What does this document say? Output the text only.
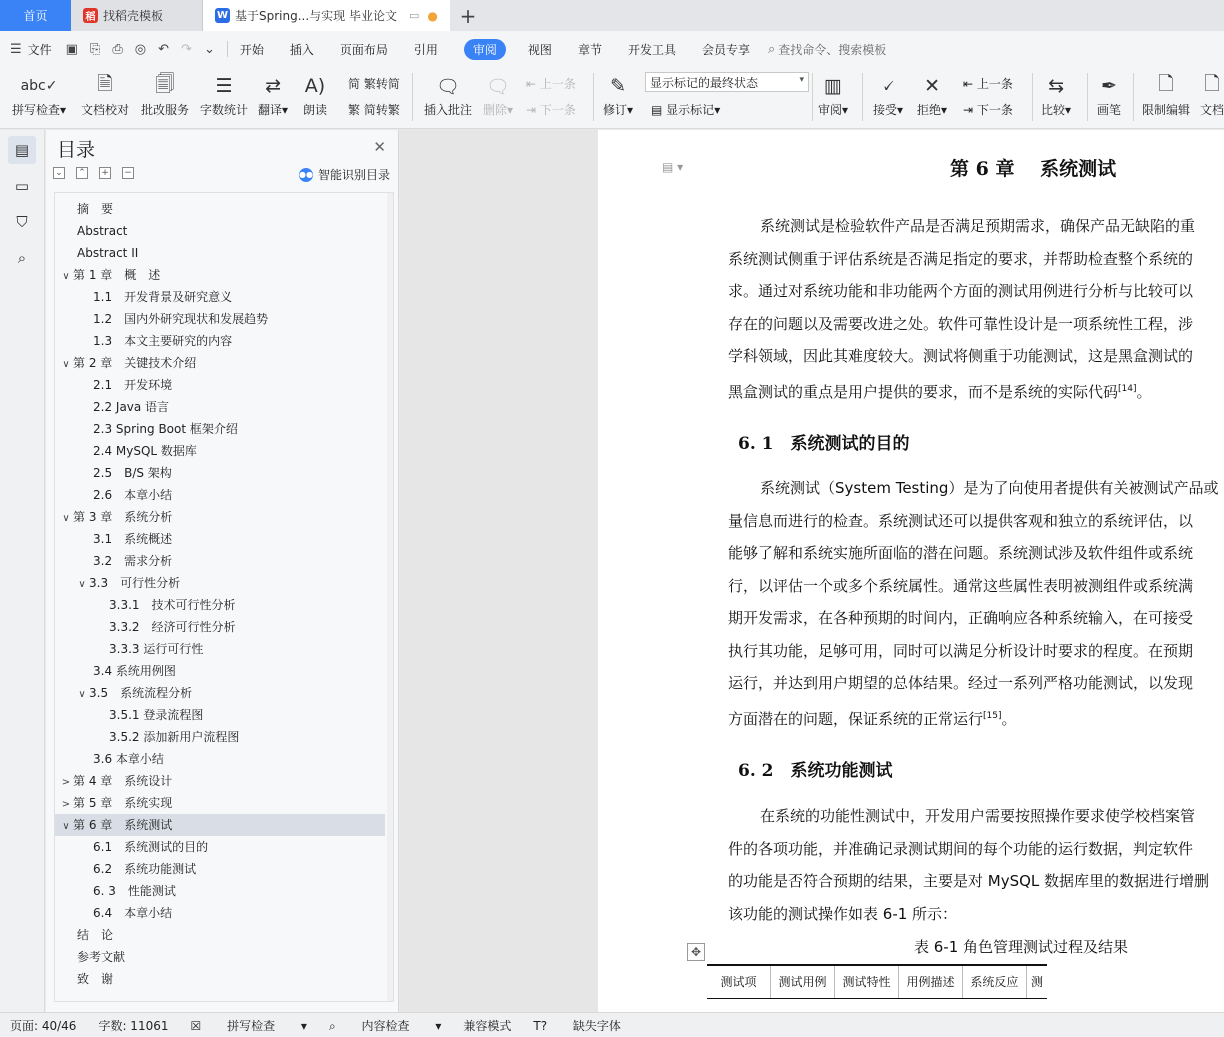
首页	稻 找稻壳模板	W 基于Spring...与实现 毕业论文 ▭ ●	+
☰ 文件 ▣ ⎘ ⎙ ◎ ↶ ↷ ⌄ 开始 插入 页面布局 引用	审阅	视图 章节 开发工具 会员专享 ⌕ 查找命令、搜索模板
abc✓
拼写检查▾
🗎
文档校对
🗐
批改服务
☰
字数统计
⇄
翻译▾
A)
朗读
简 繁转简
繁 简转繁
🗨
插入批注
🗨
删除▾
⇤ 上一条
⇥ 下一条
✎
修订▾ ▤ 显示标记▾
▥
审阅▾
🗸
接受▾
✕
拒绝▾
⇤ 上一条
⇥ 下一条
⇆
比较▾
✒
画笔
🗋
限制编辑
🗋
文档
显示标记的最终状态	▾
▤
▭
⛉
⌕
目录	✕
⌄ ⌃ + −	●● 智能识别目录
摘　要
Abstract
Abstract II
∨ 第 1 章　概　述
1.1　开发背景及研究意义
1.2　国内外研究现状和发展趋势
1.3　本文主要研究的内容
∨ 第 2 章　关键技术介绍
2.1　开发环境
2.2 Java 语言
2.3 Spring Boot 框架介绍
2.4 MySQL 数据库
2.5　B/S 架构
2.6　本章小结
∨ 第 3 章　系统分析
3.1　系统概述
3.2　需求分析
∨ 3.3　可行性分析
3.3.1　技术可行性分析
3.3.2　经济可行性分析
3.3.3 运行可行性
3.4 系统用例图
∨ 3.5　系统流程分析
3.5.1 登录流程图
3.5.2 添加新用户流程图
3.6 本章小结
> 第 4 章　系统设计
> 第 5 章　系统实现
∨ 第 6 章　系统测试
6.1　系统测试的目的
6.2　系统功能测试
6. 3　性能测试
6.4　本章小结
结　论
参考文献
致　谢
▤ ▾	第 6 章　 系统测试
系统测试是检验软件产品是否满足预期需求，确保产品无缺陷的重
系统测试侧重于评估系统是否满足指定的要求，并帮助检查整个系统的
求。通过对系统功能和非功能两个方面的测试用例进行分析与比较可以
存在的问题以及需要改进之处。软件可靠性设计是一项系统性工程，涉
学科领域，因此其难度较大。测试将侧重于功能测试，这是黑盒测试的
黑盒测试的重点是用户提供的要求，而不是系统的实际代码[14]。
6. 1　系统测试的目的
系统测试（System Testing）是为了向使用者提供有关被测试产品或
量信息而进行的检查。系统测试还可以提供客观和独立的系统评估，以
能够了解和系统实施所面临的潜在问题。系统测试涉及软件组件或系统
行，以评估一个或多个系统属性。通常这些属性表明被测组件或系统满
期开发需求，在各种预期的时间内，正确响应各种系统输入，在可接受
执行其功能，足够可用，同时可以满足分析设计时要求的程度。在预期
运行，并达到用户期望的总体结果。经过一系列严格功能测试，以发现
方面潜在的问题，保证系统的正常运行[15]。
6. 2　系统功能测试
在系统的功能性测试中，开发用户需要按照操作要求使学校档案管
件的各项功能，并准确记录测试期间的每个功能的运行数据，判定软件
的功能是否符合预期的结果，主要是对 MySQL 数据库里的数据进行增删
该功能的测试操作如表 6-1 所示：
表 6-1 角色管理测试过程及结果
✥
测试项	测试用例	测试特性	用例描述	系统反应	测
页面: 40/46 字数: 11061 ☒ 拼写检查 ▾ ⌕ 内容检查 ▾ 兼容模式 T? 缺失字体
